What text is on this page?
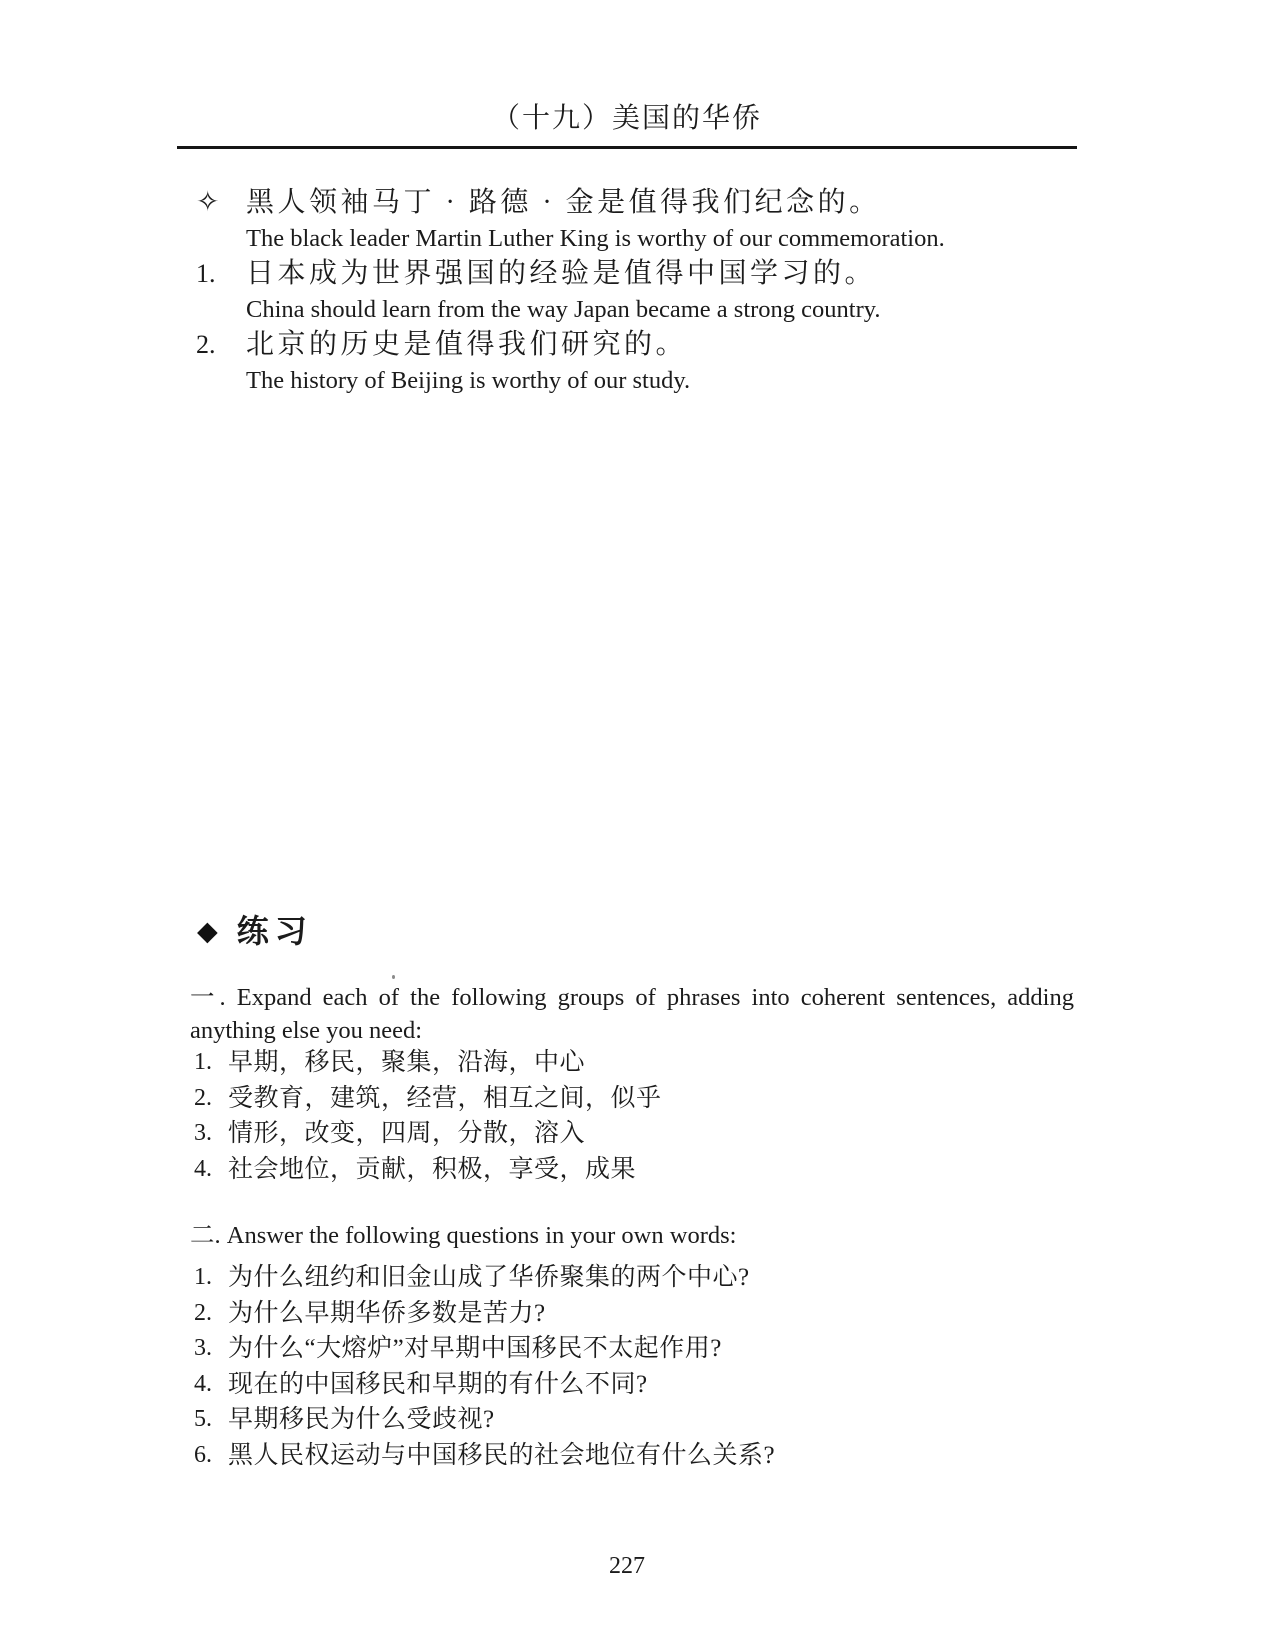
（十九）美国的华侨
✧ 黑人领袖马丁 · 路德 · 金是值得我们纪念的。
The black leader Martin Luther King is worthy of our commemoration.
1.	日本成为世界强国的经验是值得中国学习的。
China should learn from the way Japan became a strong country.
2.	北京的历史是值得我们研究的。
The history of Beijing is worthy of our study.
◆ 练习
一. Expand each of the following groups of phrases into coherent sentences, adding
anything else you need:
1. 早期，移民，聚集，沿海，中心
2. 受教育，建筑，经营，相互之间，似乎
3. 情形，改变，四周，分散，溶入
4. 社会地位，贡献，积极，享受，成果
二. Answer the following questions in your own words:
1. 为什么纽约和旧金山成了华侨聚集的两个中心?
2. 为什么早期华侨多数是苦力?
3. 为什么“大熔炉”对早期中国移民不太起作用?
4. 现在的中国移民和早期的有什么不同?
5. 早期移民为什么受歧视?
6. 黑人民权运动与中国移民的社会地位有什么关系?
227
